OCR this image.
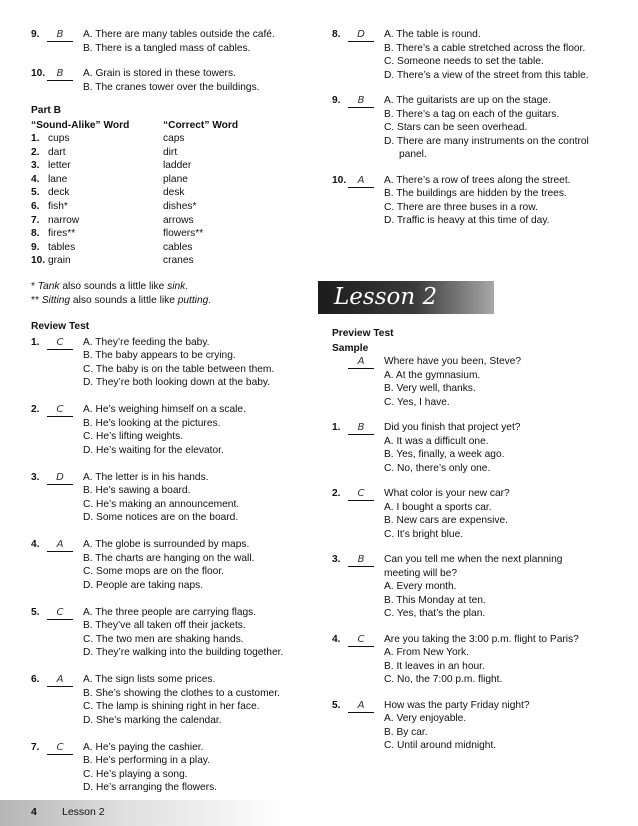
9.	B	A. There are many tables outside the café.
B. There is a tangled mass of cables.
10.	B	A. Grain is stored in these towers.
B. The cranes tower over the buildings.
Part B
“Sound-Alike” Word	“Correct” Word
1. cups	caps
2. dart	dirt
3. letter	ladder
4. lane	plane
5. deck	desk
6. fish*	dishes*
7. narrow	arrows
8. fires**	flowers**
9. tables	cables
10. grain	cranes
* Tank also sounds a little like sink.
** Sitting also sounds a little like putting.
Review Test
1.	C	A. They’re feeding the baby.
B. The baby appears to be crying.
C. The baby is on the table between them.
D. They’re both looking down at the baby.
2.	C	A. He’s weighing himself on a scale.
B. He’s looking at the pictures.
C. He’s lifting weights.
D. He’s waiting for the elevator.
3.	D	A. The letter is in his hands.
B. He’s sawing a board.
C. He’s making an announcement.
D. Some notices are on the board.
4.	A	A. The globe is surrounded by maps.
B. The charts are hanging on the wall.
C. Some mops are on the floor.
D. People are taking naps.
5.	C	A. The three people are carrying flags.
B. They’ve all taken off their jackets.
C. The two men are shaking hands.
D. They’re walking into the building together.
6.	A	A. The sign lists some prices.
B. She’s showing the clothes to a customer.
C. The lamp is shining right in her face.
D. She’s marking the calendar.
7.	C	A. He’s paying the cashier.
B. He’s performing in a play.
C. He’s playing a song.
D. He’s arranging the flowers.
8.	D	A. The table is round.
B. There’s a cable stretched across the floor.
C. Someone needs to set the table.
D. There’s a view of the street from this table.
9.	B	A. The guitarists are up on the stage.
B. There’s a tag on each of the guitars.
C. Stars can be seen overhead.
D. There are many instruments on the control
panel.
10.	A	A. There’s a row of trees along the street.
B. The buildings are hidden by the trees.
C. There are three buses in a row.
D. Traffic is heavy at this time of day.
Lesson 2
Preview Test
Sample
A	Where have you been, Steve?
A. At the gymnasium.
B. Very well, thanks.
C. Yes, I have.
1.	B	Did you finish that project yet?
A. It was a difficult one.
B. Yes, finally, a week ago.
C. No, there’s only one.
2.	C	What color is your new car?
A. I bought a sports car.
B. New cars are expensive.
C. It’s bright blue.
3.	B	Can you tell me when the next planning
meeting will be?
A. Every month.
B. This Monday at ten.
C. Yes, that’s the plan.
4.	C	Are you taking the 3:00 p.m. flight to Paris?
A. From New York.
B. It leaves in an hour.
C. No, the 7:00 p.m. flight.
5.	A	How was the party Friday night?
A. Very enjoyable.
B. By car.
C. Until around midnight.
4 Lesson 2
